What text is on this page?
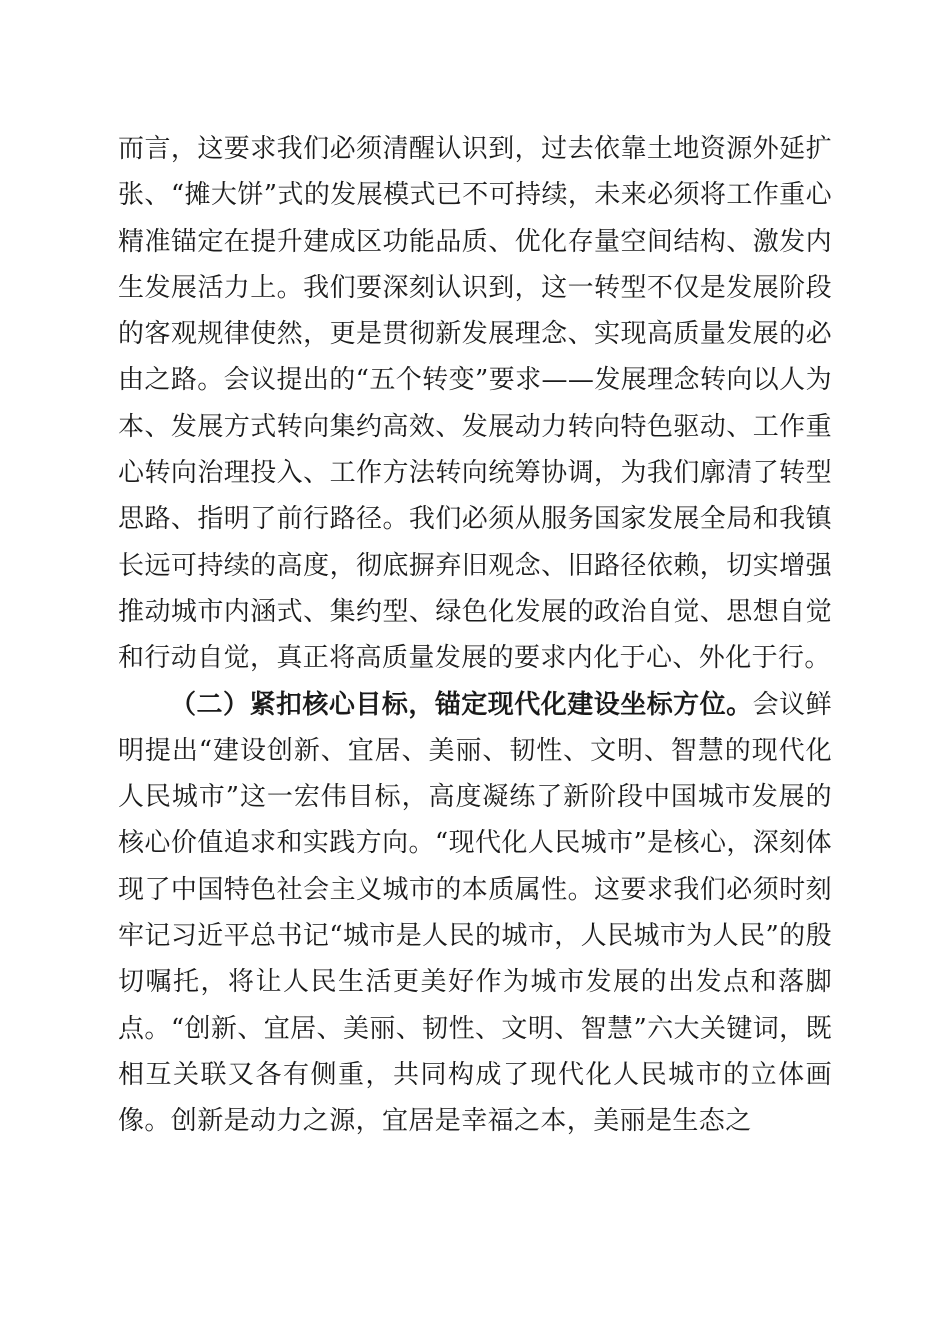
而言，这要求我们必须清醒认识到，过去依靠土地资源外延扩张、“摊大饼”式的发展模式已不可持续，未来必须将工作重心精准锚定在提升建成区功能品质、优化存量空间结构、激发内生发展活力上。我们要深刻认识到，这一转型不仅是发展阶段的客观规律使然，更是贯彻新发展理念、实现高质量发展的必由之路。会议提出的“五个转变”要求——发展理念转向以人为本、发展方式转向集约高效、发展动力转向特色驱动、工作重心转向治理投入、工作方法转向统筹协调，为我们廓清了转型思路、指明了前行路径。我们必须从服务国家发展全局和我镇长远可持续的高度，彻底摒弃旧观念、旧路径依赖，切实增强推动城市内涵式、集约型、绿色化发展的政治自觉、思想自觉和行动自觉，真正将高质量发展的要求内化于心、外化于行。

（二）紧扣核心目标，锚定现代化建设坐标方位。会议鲜明提出“建设创新、宜居、美丽、韧性、文明、智慧的现代化人民城市”这一宏伟目标，高度凝练了新阶段中国城市发展的核心价值追求和实践方向。“现代化人民城市”是核心，深刻体现了中国特色社会主义城市的本质属性。这要求我们必须时刻牢记习近平总书记“城市是人民的城市，人民城市为人民”的殷切嘱托，将让人民生活更美好作为城市发展的出发点和落脚点。“创新、宜居、美丽、韧性、文明、智慧”六大关键词，既相互关联又各有侧重，共同构成了现代化人民城市的立体画像。创新是动力之源，宜居是幸福之本，美丽是生态之
